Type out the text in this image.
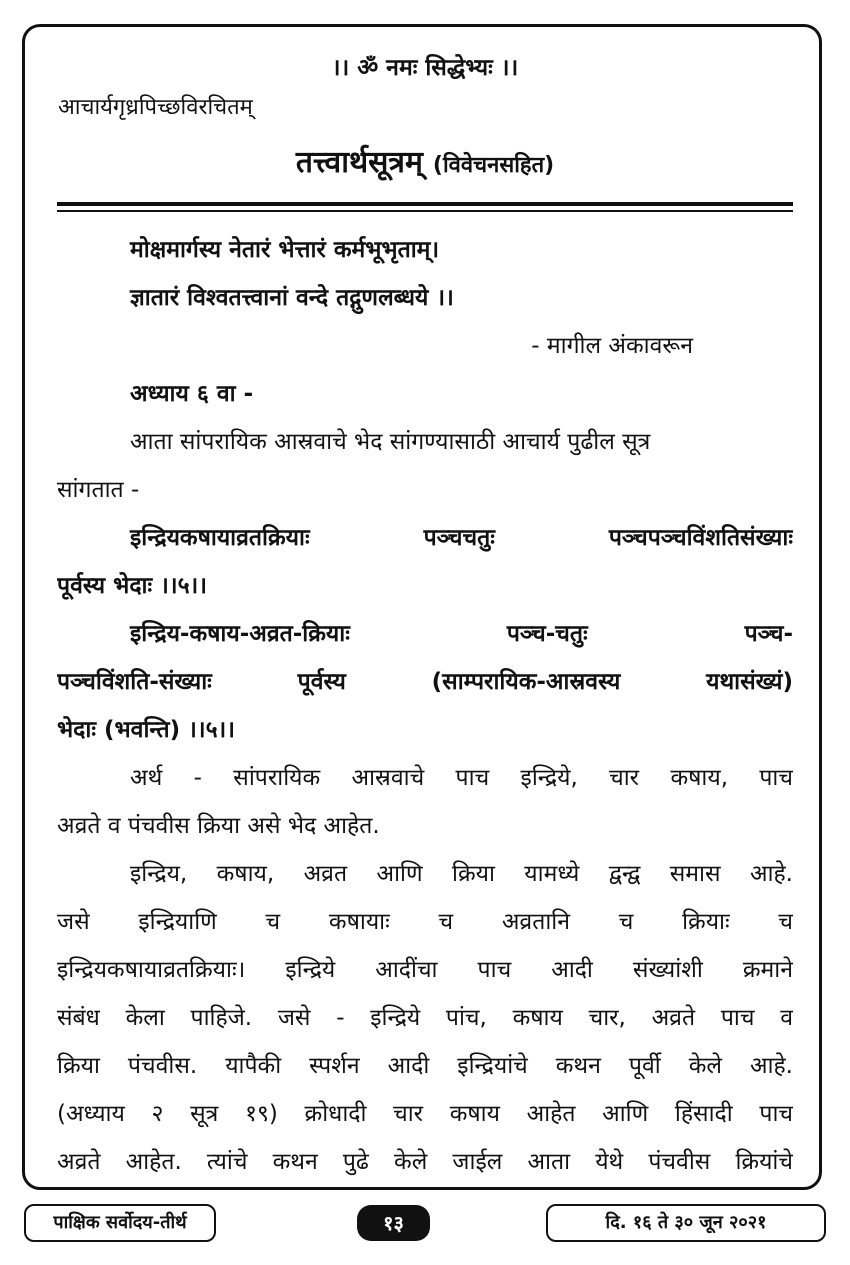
।। ॐ नमः सिद्धेभ्यः ।।
आचार्यगृध्रपिच्छविरचितम्
तत्त्वार्थसूत्रम् (विवेचनसहित)
मोक्षमार्गस्य नेतारं भेत्तारं कर्मभूभृताम्।
ज्ञातारं विश्वतत्त्वानां वन्दे तद्गुणलब्धये ।।
- मागील अंकावरून
अध्याय ६ वा -
आता सांपरायिक आस्रवाचे भेद सांगण्यासाठी आचार्य पुढील सूत्र
सांगतात -
इन्द्रियकषायाव्रतक्रियाः पञ्चचतुः पञ्चपञ्चविंशतिसंख्याः
पूर्वस्य भेदाः ।।५।।
इन्द्रिय-कषाय-अव्रत-क्रियाः पञ्च-चतुः पञ्च-
पञ्चविंशति-संख्याः पूर्वस्य (साम्परायिक-आस्रवस्य यथासंख्यं)
भेदाः (भवन्ति) ।।५।।
अर्थ - सांपरायिक आस्रवाचे पाच इन्द्रिये, चार कषाय, पाच
अव्रते व पंचवीस क्रिया असे भेद आहेत.
इन्द्रिय, कषाय, अव्रत आणि क्रिया यामध्ये द्वन्द्व समास आहे.
जसे इन्द्रियाणि च कषायाः च अव्रतानि च क्रियाः च
इन्द्रियकषायाव्रतक्रियाः। इन्द्रिये आदींचा पाच आदी संख्यांशी क्रमाने
संबंध केला पाहिजे. जसे - इन्द्रिये पांच, कषाय चार, अव्रते पाच व
क्रिया पंचवीस. यापैकी स्पर्शन आदी इन्द्रियांचे कथन पूर्वी केले आहे.
(अध्याय २ सूत्र १९) क्रोधादी चार कषाय आहेत आणि हिंसादी पाच
अव्रते आहेत. त्यांचे कथन पुढे केले जाईल आता येथे पंचवीस क्रियांचे
पाक्षिक सर्वोदय-तीर्थ	१३	दि. १६ ते ३० जून २०२१
